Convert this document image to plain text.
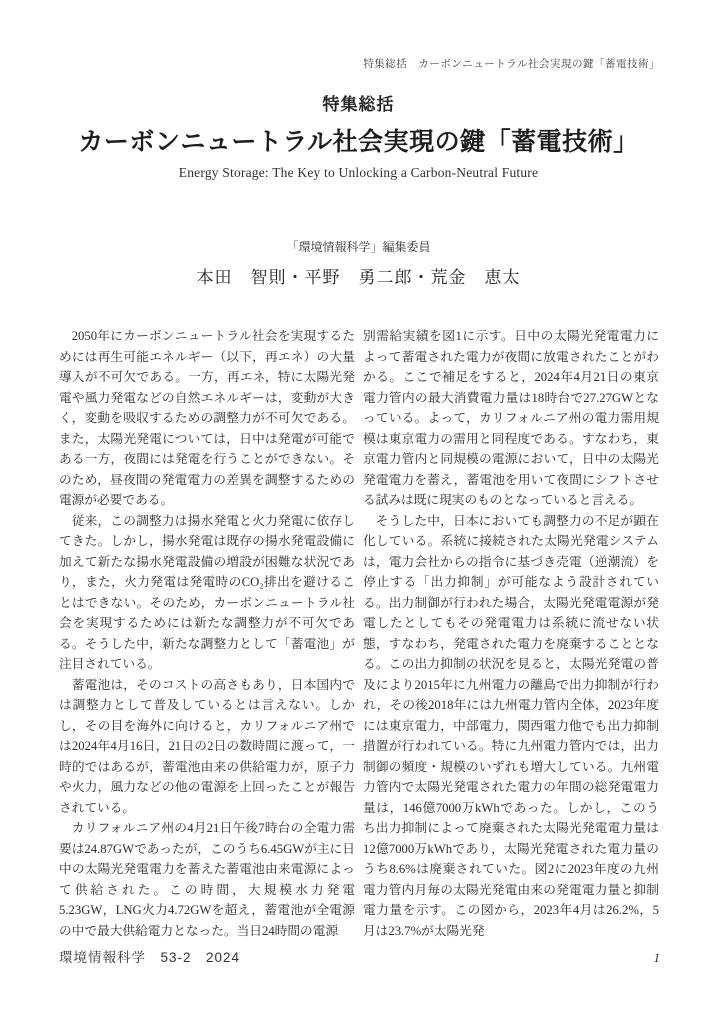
特集総括　カーボンニュートラル社会実現の鍵「蓄電技術」
特集総括
カーボンニュートラル社会実現の鍵「蓄電技術」
Energy Storage: The Key to Unlocking a Carbon-Neutral Future
「環境情報科学」編集委員
本田　智則・平野　勇二郎・荒金　恵太

2050年にカーボンニュートラル社会を実現するためには再生可能エネルギー（以下，再エネ）の大量導入が不可欠である。一方，再エネ，特に太陽光発電や風力発電などの自然エネルギーは，変動が大きく，変動を吸収するための調整力が不可欠である。また，太陽光発電については，日中は発電が可能である一方，夜間には発電を行うことができない。そのため，昼夜間の発電電力の差異を調整するための電源が必要である。

従来，この調整力は揚水発電と火力発電に依存してきた。しかし，揚水発電は既存の揚水発電設備に加えて新たな揚水発電設備の増設が困難な状況であり，また，火力発電は発電時のCO₂排出を避けることはできない。そのため，カーボンニュートラル社会を実現するためには新たな調整力が不可欠である。そうした中，新たな調整力として「蓄電池」が注目されている。

蓄電池は，そのコストの高さもあり，日本国内では調整力として普及しているとは言えない。しかし，その目を海外に向けると，カリフォルニア州では2024年4月16日，21日の2日の数時間に渡って，一時的ではあるが，蓄電池由来の供給電力が，原子力や火力，風力などの他の電源を上回ったことが報告されている。

カリフォルニア州の4月21日午後7時台の全電力需要は24.87GWであったが，このうち6.45GWが主に日中の太陽光発電電力を蓄えた蓄電池由来電源によって供給された。この時間，大規模水力発電5.23GW，LNG火力4.72GWを超え，蓄電池が全電源の中で最大供給電力となった。当日24時間の電源

別需給実績を図1に示す。日中の太陽光発電電力によって蓄電された電力が夜間に放電されたことがわかる。ここで補足をすると，2024年4月21日の東京電力管内の最大消費電力量は18時台で27.27GWとなっている。よって，カリフォルニア州の電力需用規模は東京電力の需用と同程度である。すなわち，東京電力管内と同規模の電源において，日中の太陽光発電電力を蓄え，蓄電池を用いて夜間にシフトさせる試みは既に現実のものとなっていると言える。

そうした中，日本においても調整力の不足が顕在化している。系統に接続された太陽光発電システムは，電力会社からの指令に基づき売電（逆潮流）を停止する「出力抑制」が可能なよう設計されている。出力制御が行われた場合，太陽光発電電源が発電したとしてもその発電電力は系統に流せない状態，すなわち，発電された電力を廃棄することとなる。この出力抑制の状況を見ると，太陽光発電の普及により2015年に九州電力の離島で出力抑制が行われ，その後2018年には九州電力管内全体，2023年度には東京電力，中部電力，関西電力他でも出力抑制措置が行われている。特に九州電力管内では，出力制御の頻度・規模のいずれも増大している。九州電力管内で太陽光発電された電力の年間の総発電電力量は，146億7000万kWhであった。しかし，このうち出力抑制によって廃棄された太陽光発電電力量は12億7000万kWhであり，太陽光発電された電力量のうち8.6%は廃棄されていた。図2に2023年度の九州電力管内月毎の太陽光発電由来の発電電力量と抑制電力量を示す。この図から，2023年4月は26.2%，5月は23.7%が太陽光発

環境情報科学　53-2　2024	1
